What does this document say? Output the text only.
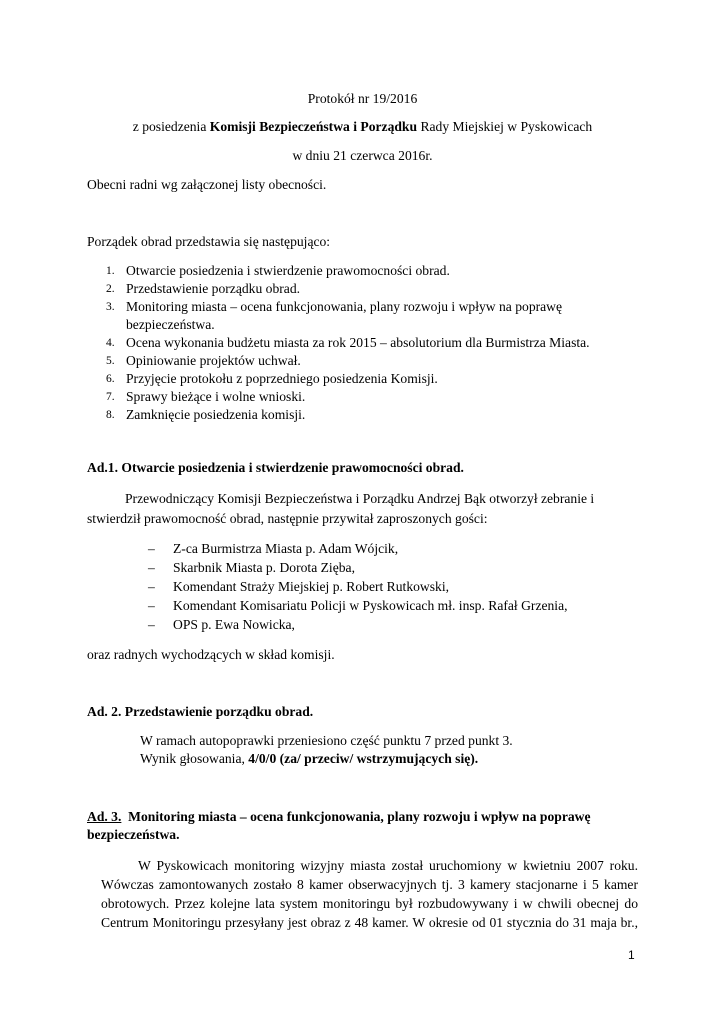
Protokół nr 19/2016
z posiedzenia Komisji Bezpieczeństwa i Porządku Rady Miejskiej w Pyskowicach
w dniu 21 czerwca 2016r.
Obecni radni wg załączonej listy obecności.
Porządek obrad przedstawia się następująco:
1. Otwarcie posiedzenia i stwierdzenie prawomocności obrad.
2. Przedstawienie porządku obrad.
3. Monitoring miasta – ocena funkcjonowania, plany rozwoju i wpływ na poprawę
bezpieczeństwa.
4. Ocena wykonania budżetu miasta za rok 2015 – absolutorium dla Burmistrza Miasta.
5. Opiniowanie projektów uchwał.
6. Przyjęcie protokołu z poprzedniego posiedzenia Komisji.
7. Sprawy bieżące i wolne wnioski.
8. Zamknięcie posiedzenia komisji.
Ad.1. Otwarcie posiedzenia i stwierdzenie prawomocności obrad.
Przewodniczący Komisji Bezpieczeństwa i Porządku Andrzej Bąk otworzył zebranie i
stwierdził prawomocność obrad, następnie przywitał zaproszonych gości:
– Z-ca Burmistrza Miasta p. Adam Wójcik,
– Skarbnik Miasta p. Dorota Zięba,
– Komendant Straży Miejskiej p. Robert Rutkowski,
– Komendant Komisariatu Policji w Pyskowicach mł. insp. Rafał Grzenia,
– OPS p. Ewa Nowicka,
oraz radnych wychodzących w skład komisji.
Ad. 2. Przedstawienie porządku obrad.
W ramach autopoprawki przeniesiono część punktu 7 przed punkt 3.
Wynik głosowania, 4/0/0 (za/ przeciw/ wstrzymujących się).
Ad. 3.  Monitoring miasta – ocena funkcjonowania, plany rozwoju i wpływ na poprawę
bezpieczeństwa.
W Pyskowicach monitoring wizyjny miasta został uruchomiony w kwietniu 2007 roku.
Wówczas zamontowanych zostało 8 kamer obserwacyjnych tj. 3 kamery stacjonarne i 5 kamer
obrotowych. Przez kolejne lata system monitoringu był rozbudowywany i w chwili obecnej do
Centrum Monitoringu przesyłany jest obraz z 48 kamer. W okresie od 01 stycznia do 31 maja br.,
1
